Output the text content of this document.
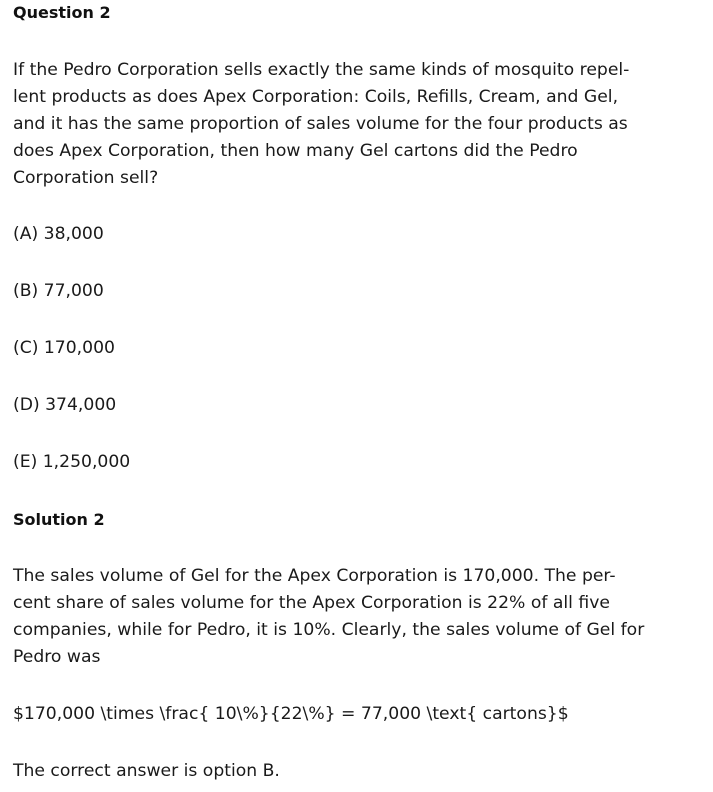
Question 2
If the Pedro Corporation sells exactly the same kinds of mosquito repel-
lent products as does Apex Corporation: Coils, Refills, Cream, and Gel,
and it has the same proportion of sales volume for the four products as
does Apex Corporation, then how many Gel cartons did the Pedro
Corporation sell?

(A) 38,000

(B) 77,000

(C) 170,000

(D) 374,000

(E) 1,250,000

Solution 2
The sales volume of Gel for the Apex Corporation is 170,000. The per-
cent share of sales volume for the Apex Corporation is 22% of all five
companies, while for Pedro, it is 10%. Clearly, the sales volume of Gel for
Pedro was

$170,000 \times \frac{ 10\%}{22\%} = 77,000 \text{ cartons}$

The correct answer is option B.
